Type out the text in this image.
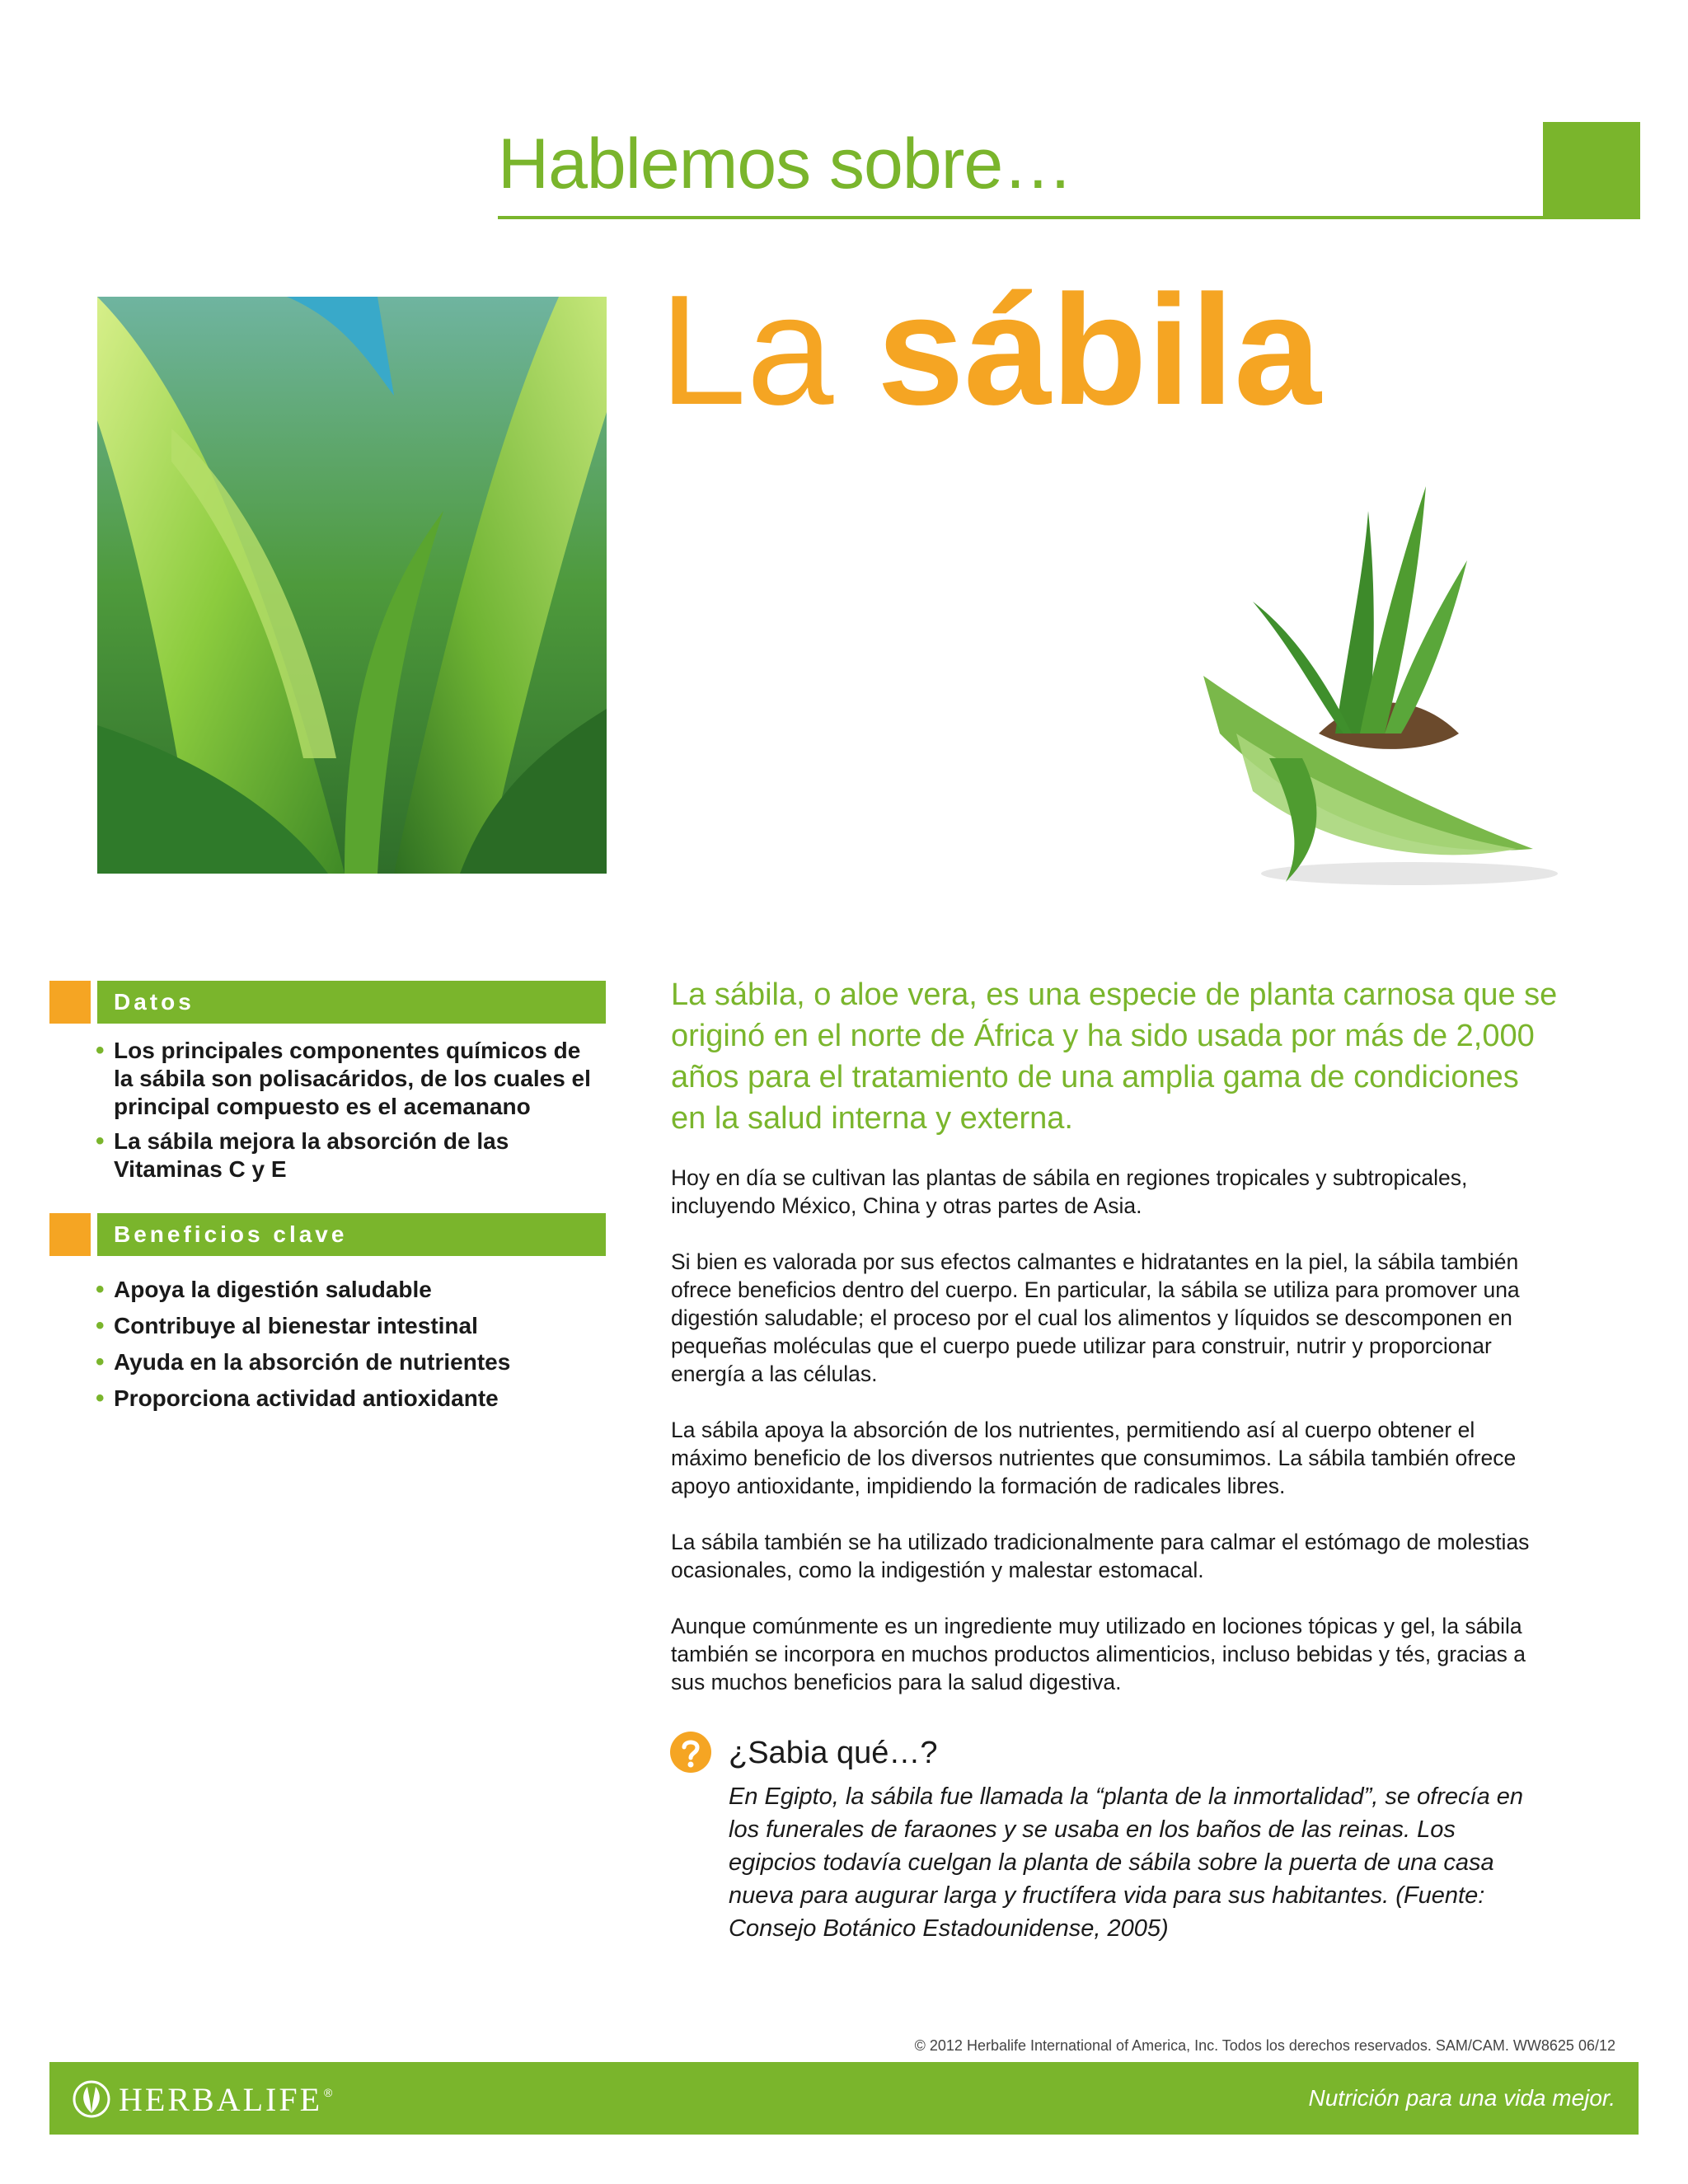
Hablemos sobre…
La sábila
Datos
• Los principales componentes químicos de la sábila son polisacáridos, de los cuales el principal compuesto es el acemanano
• La sábila mejora la absorción de las Vitaminas C y E
Beneficios clave
• Apoya la digestión saludable
• Contribuye al bienestar intestinal
• Ayuda en la absorción de nutrientes
• Proporciona actividad antioxidante
La sábila, o aloe vera, es una especie de planta carnosa que se originó en el norte de África y ha sido usada por más de 2,000 años para el tratamiento de una amplia gama de condiciones en la salud interna y externa.
Hoy en día se cultivan las plantas de sábila en regiones tropicales y subtropicales, incluyendo México, China y otras partes de Asia.
Si bien es valorada por sus efectos calmantes e hidratantes en la piel, la sábila también ofrece beneficios dentro del cuerpo. En particular, la sábila se utiliza para promover una digestión saludable; el proceso por el cual los alimentos y líquidos se descomponen en pequeñas moléculas que el cuerpo puede utilizar para construir, nutrir y proporcionar energía a las células.
La sábila apoya la absorción de los nutrientes, permitiendo así al cuerpo obtener el máximo beneficio de los diversos nutrientes que consumimos. La sábila también ofrece apoyo antioxidante, impidiendo la formación de radicales libres.
La sábila también se ha utilizado tradicionalmente para calmar el estómago de molestias ocasionales, como la indigestión y malestar estomacal.
Aunque comúnmente es un ingrediente muy utilizado en lociones tópicas y gel, la sábila también se incorpora en muchos productos alimenticios, incluso bebidas y tés, gracias a sus muchos beneficios para la salud digestiva.
¿Sabia qué…?
En Egipto, la sábila fue llamada la “planta de la inmortalidad”, se ofrecía en los funerales de faraones y se usaba en los baños de las reinas. Los egipcios todavía cuelgan la planta de sábila sobre la puerta de una casa nueva para augurar larga y fructífera vida para sus habitantes. (Fuente: Consejo Botánico Estadounidense, 2005)
© 2012 Herbalife International of America, Inc. Todos los derechos reservados. SAM/CAM. WW8625 06/12
HERBALIFE ®	Nutrición para una vida mejor.
